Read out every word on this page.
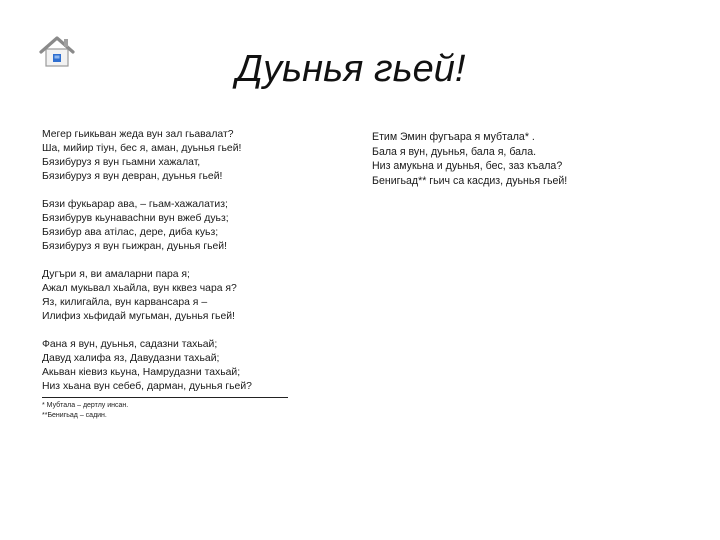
Дуьнья гьей!
Мегер гьикьван жеда вун зал гьавалат?
Ша, мийир тіун, бес я, аман, дуьнья гьей!
Бязибуруз я вун гьамни хажалат,
Бязибуруз я вун девран, дуьнья гьей!
Бязи фукьарар ава, – гьам-хажалатиз;
Бязибурув кьунаваchни вун вжеб дуьз;
Бязибур ава атілас, дере, диба куьз;
Бязибуруз я вун гьижран, дуьнья гьей!
Дугъри я, ви амаларни пара я;
Ажал мукьвал хьайла, вун кквез чара я?
Яз, килигайла, вун карвансара я –
Илифиз хьфидай мугьман, дуьнья гьей!
Фана я вун, дуьнья, садазни тахьай;
Давуд халифа яз, Давудазни тахьай;
Акьван кіевиз кьуна, Намрудазни тахьай;
Низ хьана вун себеб, дарман, дуьнья гьей?
* Мубтала – дертлу инсан.
**Бенигьад – садин.
Етим Эмин фугъара я мубтала* .
Бала я вун, дуьнья, бала я, бала.
Низ амукьна и дуьнья, бес, заз къала?
Бенигьад** гьич са касдиз, дуьнья гьей!
